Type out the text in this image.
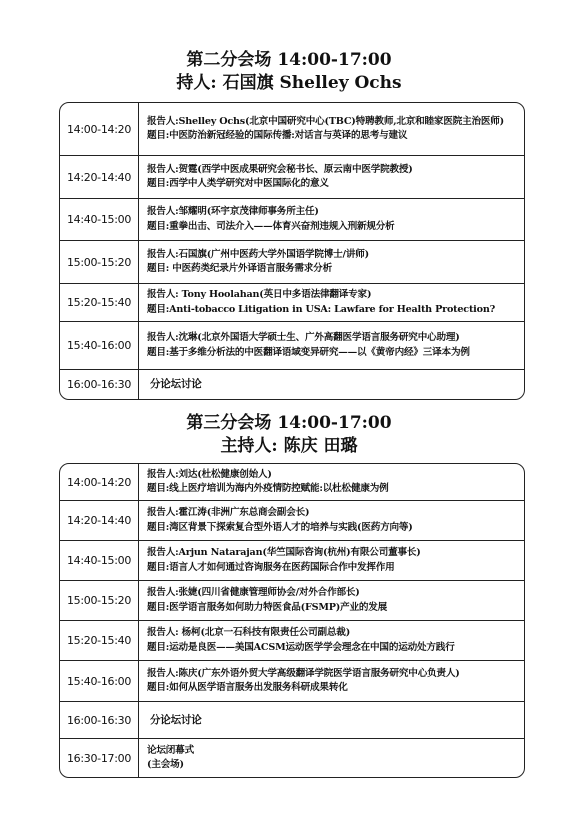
第二分会场 14:00-17:00

持人: 石国旗 Shelley Ochs

14:00-14:20
报告人:Shelley Ochs(北京中国研究中心(TBC)特聘教师,北京和睦家医院主治医师)
题目:中医防治新冠经验的国际传播:对话言与英译的思考与建议
14:20-14:40
报告人:贺霆(西学中医成果研究会秘书长、原云南中医学院教授)
题目:西学中人类学研究对中医国际化的意义
14:40-15:00
报告人:邹耀明(环宇京茂律师事务所主任)
题目:重拳出击、司法介入——体育兴奋剂违规入刑新规分析
15:00-15:20
报告人:石国旗(广州中医药大学外国语学院博士/讲师)
题目: 中医药类纪录片外译语言服务需求分析
15:20-15:40
报告人: Tony Hoolahan(英日中多语法律翻译专家)
题目:Anti-tobacco Litigation in USA: Lawfare for Health Protection?
15:40-16:00
报告人:沈琳(北京外国语大学硕士生、广外高翻医学语言服务研究中心助理)
题目:基于多维分析法的中医翻译语域变异研究——以《黄帝内经》三译本为例
16:00-16:30	分论坛讨论

第三分会场 14:00-17:00

主持人: 陈庆 田璐

14:00-14:20
报告人:刘达(杜松健康创始人)
题目:线上医疗培训为海内外疫情防控赋能:以杜松健康为例
14:20-14:40
报告人:霍江涛(非洲广东总商会副会长)
题目:湾区背景下探索复合型外语人才的培养与实践(医药方向等)
14:40-15:00
报告人:Arjun Natarajan(华竺国际咨询(杭州)有限公司董事长)
题目:语言人才如何通过咨询服务在医药国际合作中发挥作用
15:00-15:20
报告人:张婕(四川省健康管理师协会/对外合作部长)
题目:医学语言服务如何助力特医食品(FSMP)产业的发展
15:20-15:40
报告人: 杨柯(北京一石科技有限责任公司副总裁)
题目:运动是良医——美国ACSM运动医学学会理念在中国的运动处方践行
15:40-16:00
报告人:陈庆(广东外语外贸大学高级翻译学院医学语言服务研究中心负责人)
题目:如何从医学语言服务出发服务科研成果转化
16:00-16:30	分论坛讨论
16:30-17:00
论坛闭幕式
(主会场)
